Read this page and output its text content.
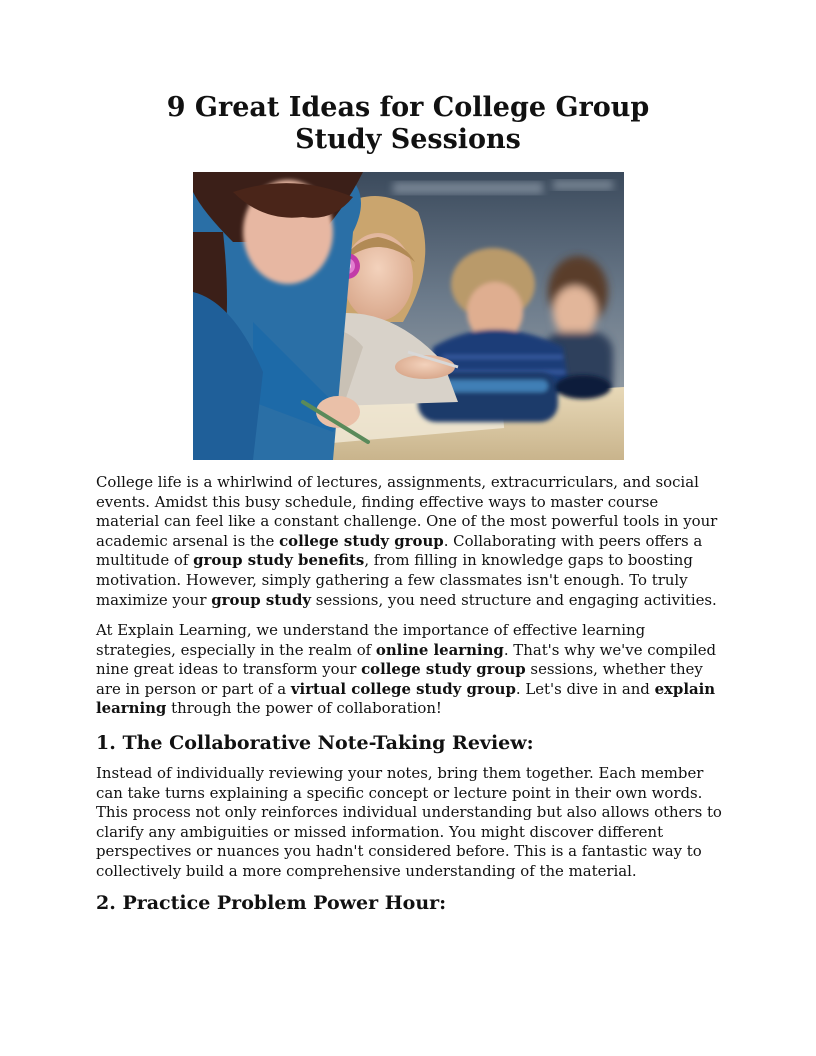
9 Great Ideas for College Group Study Sessions

College life is a whirlwind of lectures, assignments, extracurriculars, and social events. Amidst this busy schedule, finding effective ways to master course material can feel like a constant challenge. One of the most powerful tools in your academic arsenal is the college study group. Collaborating with peers offers a multitude of group study benefits, from filling in knowledge gaps to boosting motivation. However, simply gathering a few classmates isn't enough. To truly maximize your group study sessions, you need structure and engaging activities.

At Explain Learning, we understand the importance of effective learning strategies, especially in the realm of online learning. That's why we've compiled nine great ideas to transform your college study group sessions, whether they are in person or part of a virtual college study group. Let's dive in and explain learning through the power of collaboration!

1. The Collaborative Note-Taking Review:

Instead of individually reviewing your notes, bring them together. Each member can take turns explaining a specific concept or lecture point in their own words. This process not only reinforces individual understanding but also allows others to clarify any ambiguities or missed information. You might discover different perspectives or nuances you hadn't considered before. This is a fantastic way to collectively build a more comprehensive understanding of the material.

2. Practice Problem Power Hour:
